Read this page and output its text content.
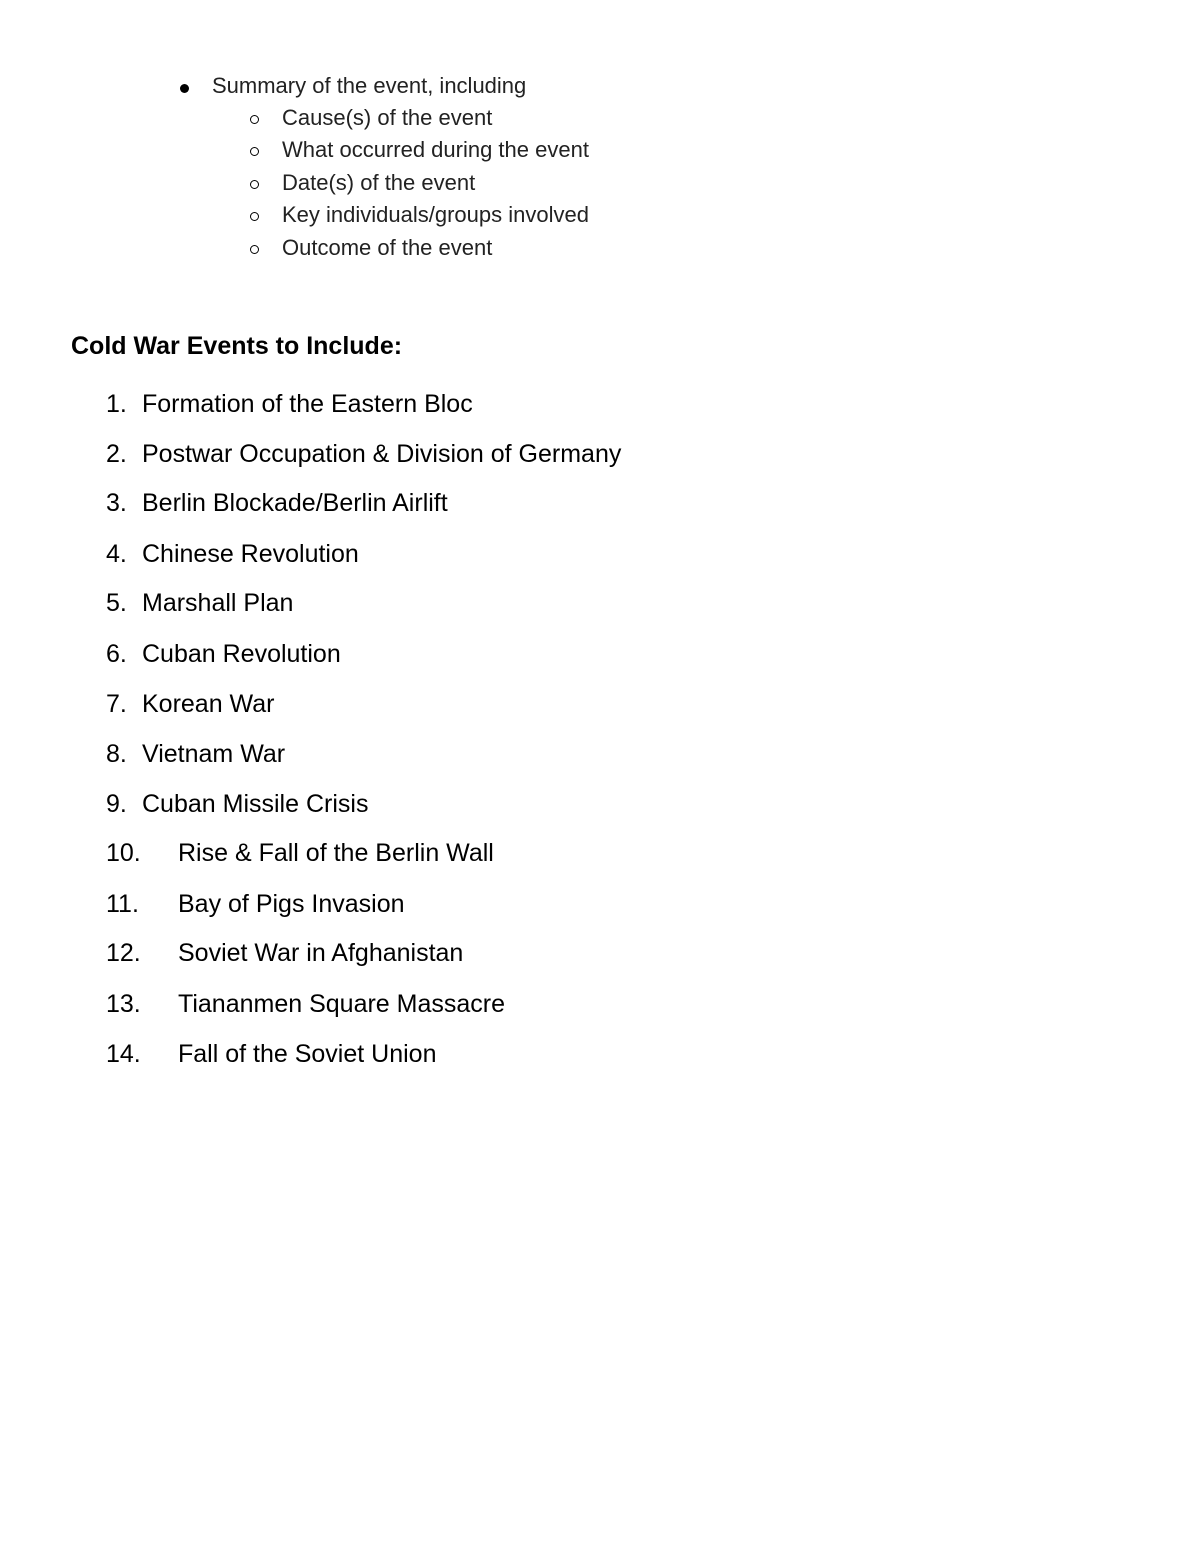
Summary of the event, including
Cause(s) of the event
What occurred during the event
Date(s) of the event
Key individuals/groups involved
Outcome of the event
Cold War Events to Include:
1. Formation of the Eastern Bloc
2. Postwar Occupation & Division of Germany
3. Berlin Blockade/Berlin Airlift
4. Chinese Revolution
5. Marshall Plan
6. Cuban Revolution
7. Korean War
8. Vietnam War
9. Cuban Missile Crisis
10. Rise & Fall of the Berlin Wall
11. Bay of Pigs Invasion
12. Soviet War in Afghanistan
13. Tiananmen Square Massacre
14. Fall of the Soviet Union
